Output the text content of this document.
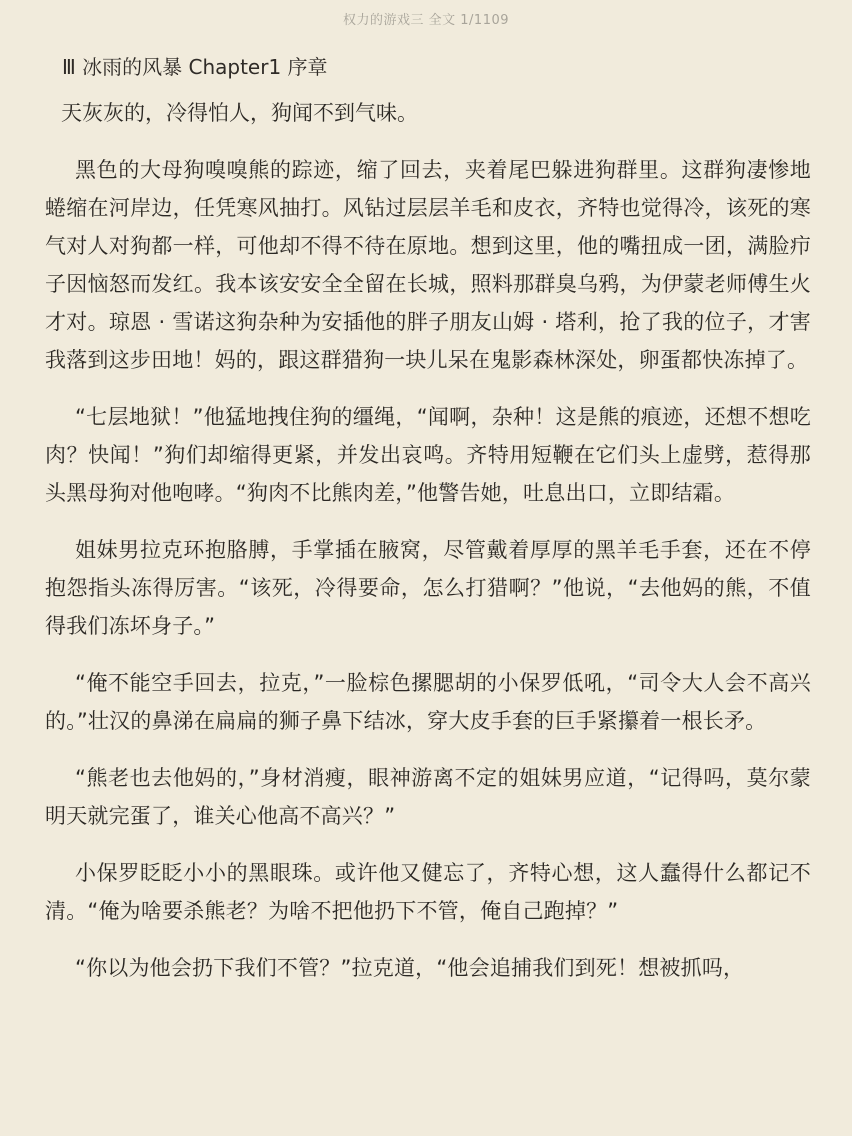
权力的游戏三 全文 1/1109
Ⅲ 冰雨的风暴 Chapter1 序章
天灰灰的，冷得怕人，狗闻不到气味。

黑色的大母狗嗅嗅熊的踪迹，缩了回去，夹着尾巴躲进狗群里。这群狗凄惨地蜷缩在河岸边，任凭寒风抽打。风钻过层层羊毛和皮衣，齐特也觉得冷，该死的寒气对人对狗都一样，可他却不得不待在原地。想到这里，他的嘴扭成一团，满脸疖子因恼怒而发红。我本该安安全全留在长城，照料那群臭乌鸦，为伊蒙老师傅生火才对。琼恩 · 雪诺这狗杂种为安插他的胖子朋友山姆 · 塔利，抢了我的位子，才害我落到这步田地！妈的，跟这群猎狗一块儿呆在鬼影森林深处，卵蛋都快冻掉了。

“七层地狱！”他猛地拽住狗的缰绳，“闻啊，杂种！这是熊的痕迹，还想不想吃肉？快闻！”狗们却缩得更紧，并发出哀鸣。齐特用短鞭在它们头上虚劈，惹得那头黑母狗对他咆哮。“狗肉不比熊肉差，”他警告她，吐息出口，立即结霜。

姐妹男拉克环抱胳膊，手掌插在腋窝，尽管戴着厚厚的黑羊毛手套，还在不停抱怨指头冻得厉害。“该死，冷得要命，怎么打猎啊？”他说，“去他妈的熊，不值得我们冻坏身子。”

“俺不能空手回去，拉克，”一脸棕色摞腮胡的小保罗低吼，“司令大人会不高兴的。”壮汉的鼻涕在扁扁的狮子鼻下结冰，穿大皮手套的巨手紧攥着一根长矛。

“熊老也去他妈的，”身材消瘦，眼神游离不定的姐妹男应道，“记得吗，莫尔蒙明天就完蛋了，谁关心他高不高兴？”

小保罗眨眨小小的黑眼珠。或许他又健忘了，齐特心想，这人蠢得什么都记不清。“俺为啥要杀熊老？为啥不把他扔下不管，俺自己跑掉？”

“你以为他会扔下我们不管？”拉克道，“他会追捕我们到死！想被抓吗，
